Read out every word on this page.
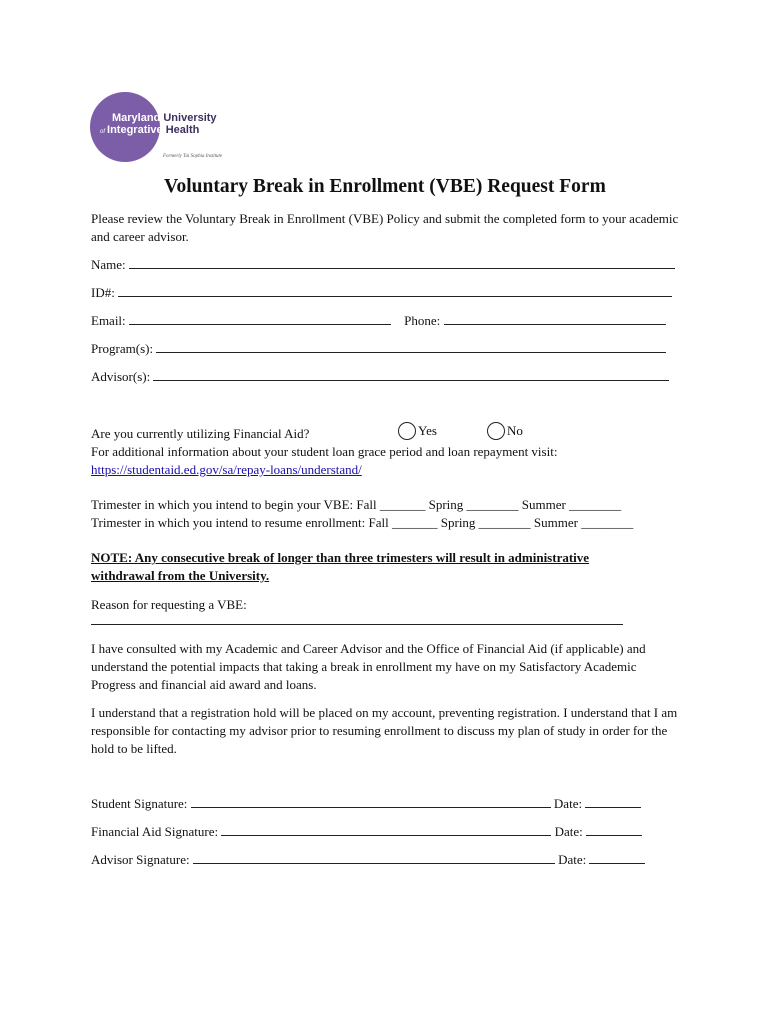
Maryland University
of Integrative Health
Formerly Tai Sophia Institute
Voluntary Break in Enrollment (VBE) Request Form
Please review the Voluntary Break in Enrollment (VBE) Policy and submit the completed form to your academic and career advisor.
Name:
ID#:
Email:	Phone:
Program(s):
Advisor(s):
Are you currently utilizing Financial Aid?	Yes	No
For additional information about your student loan grace period and loan repayment visit:
https://studentaid.ed.gov/sa/repay-loans/understand/
Trimester in which you intend to begin your VBE: Fall _______ Spring ________ Summer ________
Trimester in which you intend to resume enrollment: Fall _______ Spring ________ Summer ________
NOTE: Any consecutive break of longer than three trimesters will result in administrative withdrawal from the University.
Reason for requesting a VBE:
I have consulted with my Academic and Career Advisor and the Office of Financial Aid (if applicable) and understand the potential impacts that taking a break in enrollment my have on my Satisfactory Academic Progress and financial aid award and loans.
I understand that a registration hold will be placed on my account, preventing registration. I understand that I am responsible for contacting my advisor prior to resuming enrollment to discuss my plan of study in order for the hold to be lifted.
Student Signature:	Date:
Financial Aid Signature:	Date:
Advisor Signature:	Date:
